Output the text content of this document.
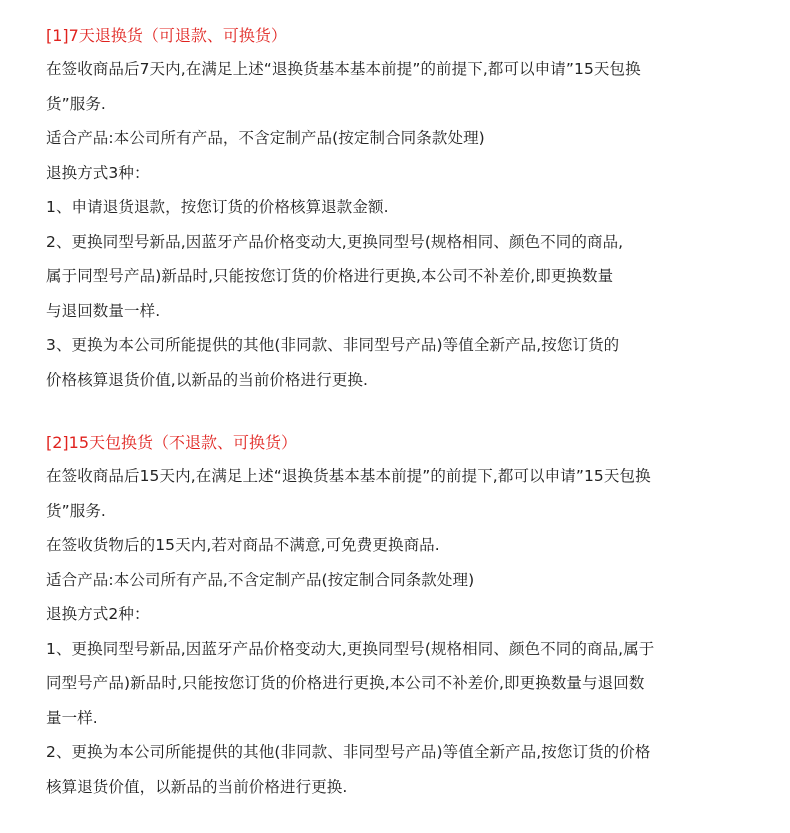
[1]7天退换货（可退款、可换货）

在签收商品后7天内,在满足上述“退换货基本基本前提”的前提下,都可以申请”15天包换

货”服务.

适合产品:本公司所有产品，不含定制产品(按定制合同条款处理)

退换方式3种：

1、申请退货退款，按您订货的价格核算退款金额.

2、更换同型号新品,因蓝牙产品价格变动大,更换同型号(规格相同、颜色不同的商品,

属于同型号产品)新品时,只能按您订货的价格进行更换,本公司不补差价,即更换数量

与退回数量一样.

3、更换为本公司所能提供的其他(非同款、非同型号产品)等值全新产品,按您订货的

价格核算退货价值,以新品的当前价格进行更换.

[2]15天包换货（不退款、可换货）

在签收商品后15天内,在满足上述“退换货基本基本前提”的前提下,都可以申请”15天包换

货”服务.

在签收货物后的15天内,若对商品不满意,可免费更换商品.

适合产品:本公司所有产品,不含定制产品(按定制合同条款处理)

退换方式2种：

1、更换同型号新品,因蓝牙产品价格变动大,更换同型号(规格相同、颜色不同的商品,属于

同型号产品)新品时,只能按您订货的价格进行更换,本公司不补差价,即更换数量与退回数

量一样.

2、更换为本公司所能提供的其他(非同款、非同型号产品)等值全新产品,按您订货的价格

核算退货价值，以新品的当前价格进行更换.
